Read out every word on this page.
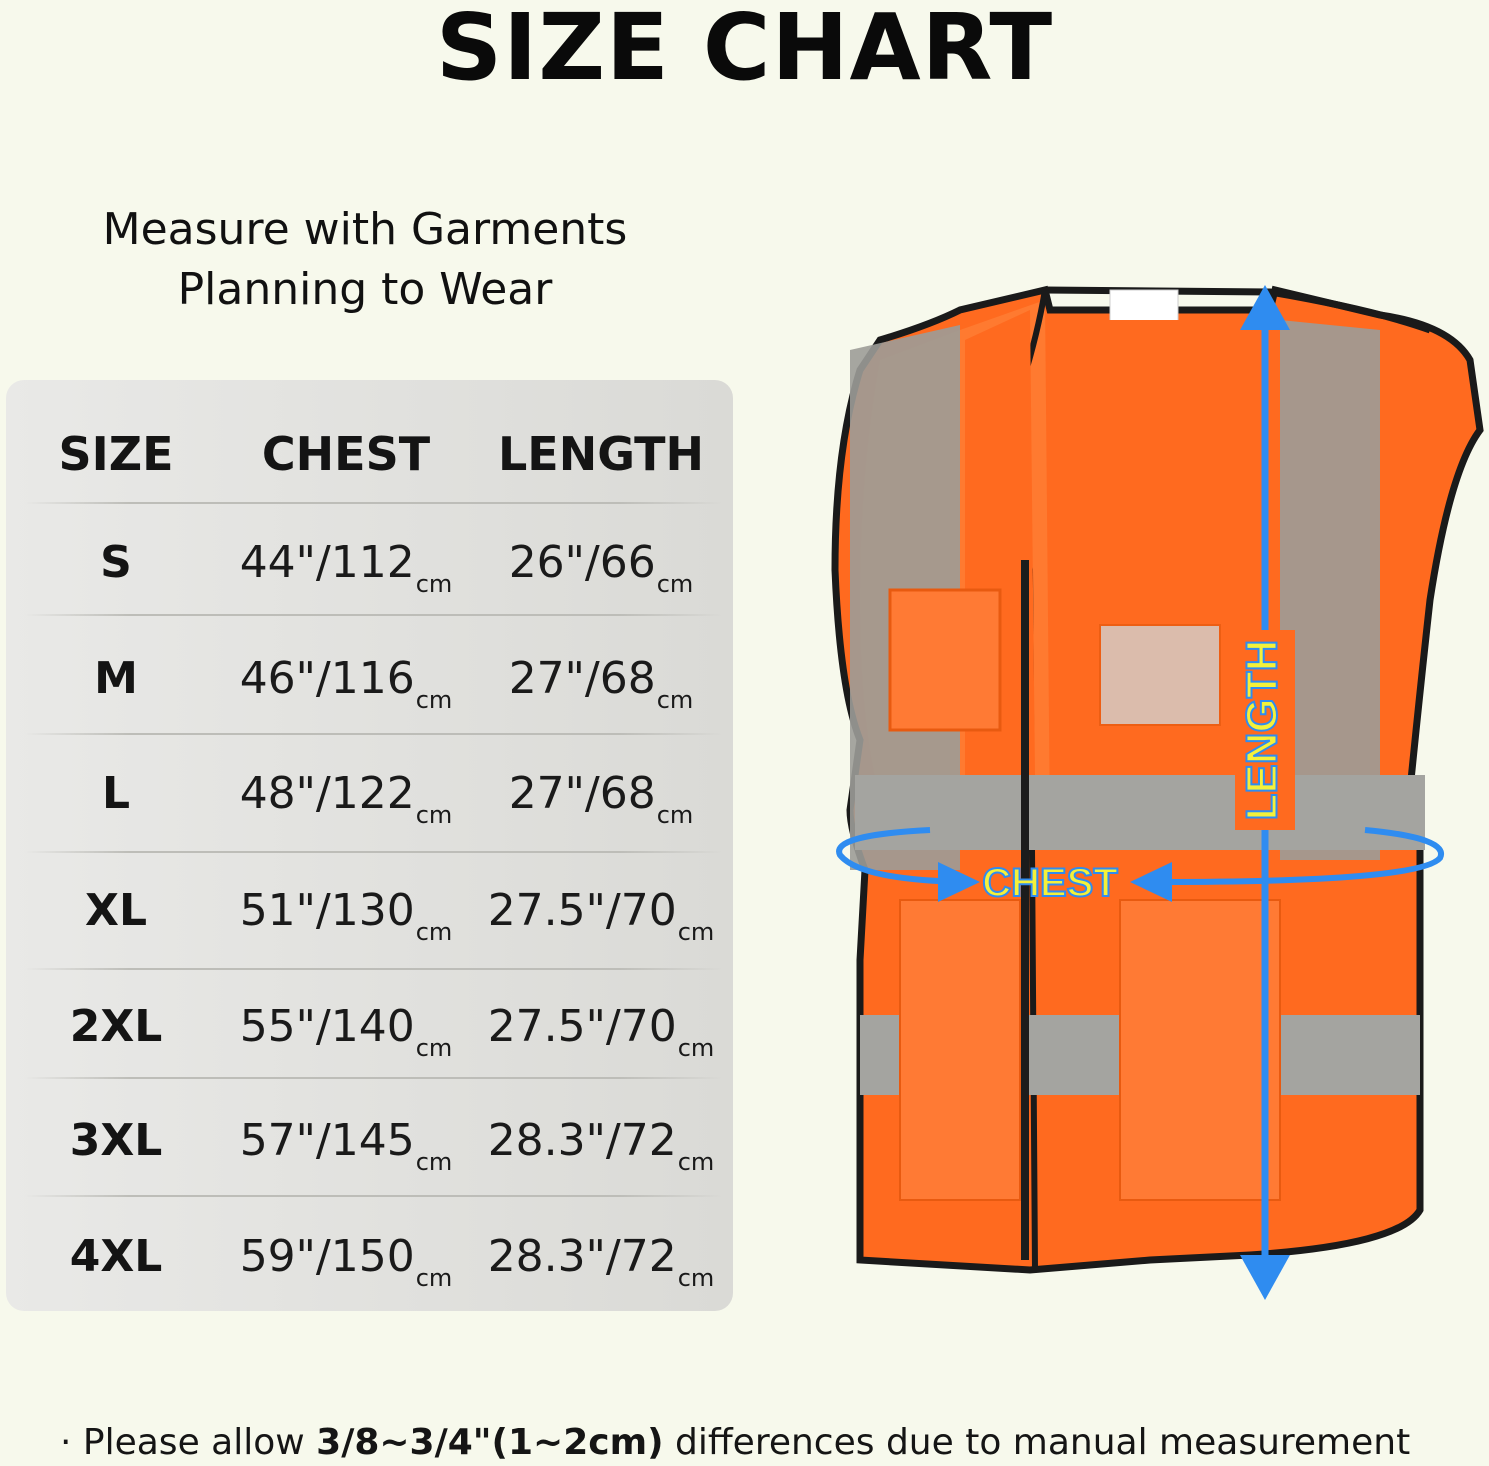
SIZE CHART
Measure with Garments
Planning to Wear
SIZE	CHEST	LENGTH
S	44"/112 cm 26"/66 cm
M	46"/116 cm 27"/68 cm
L	48"/122 cm 27"/68 cm
XL	51"/130 cm 27.5"/70 cm
2XL	55"/140 cm 27.5"/70 cm
3XL	57"/145 cm 28.3"/72 cm
4XL	59"/150 cm 28.3"/72 cm
LENGTH
CHEST
· Please allow 3/8~3/4"(1~2cm) differences due to manual measurement
